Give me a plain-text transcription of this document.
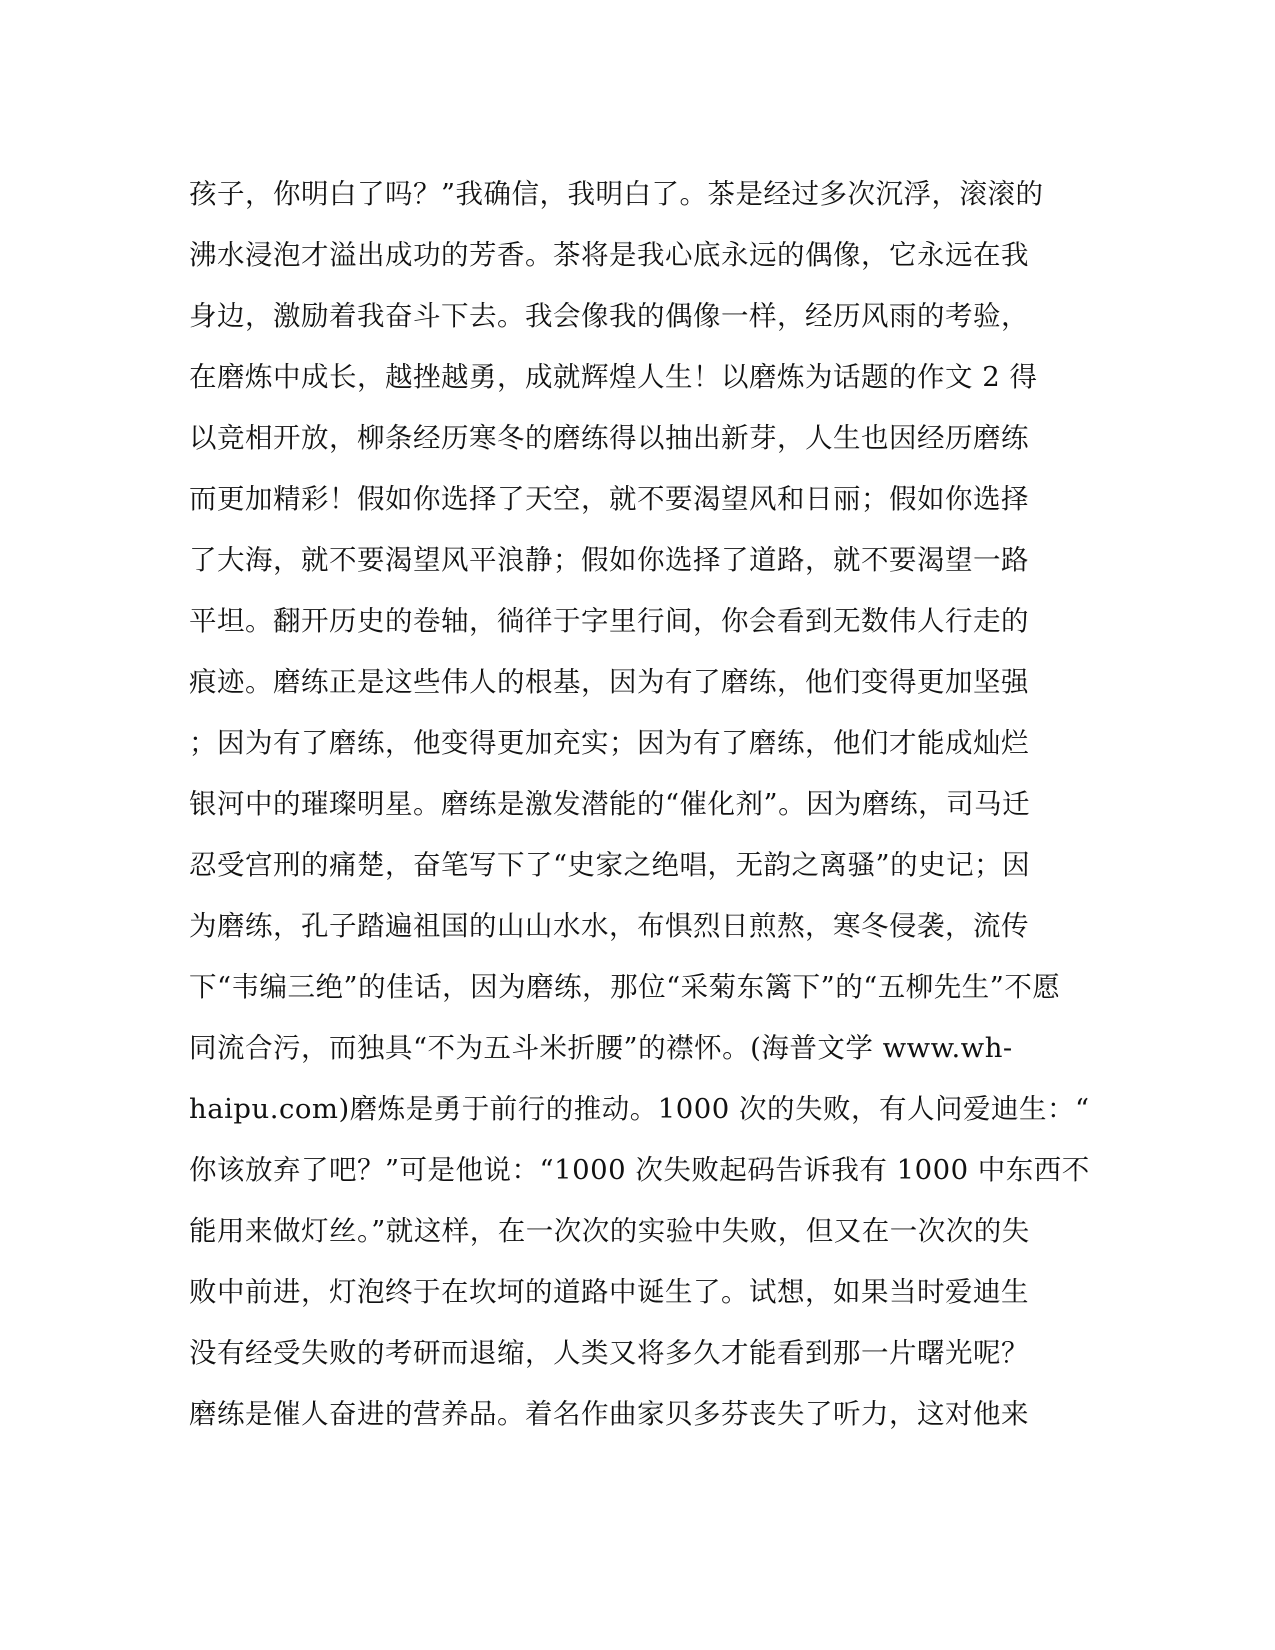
孩子，你明白了吗？”我确信，我明白了。茶是经过多次沉浮，滚滚的
沸水浸泡才溢出成功的芳香。茶将是我心底永远的偶像，它永远在我
身边，激励着我奋斗下去。我会像我的偶像一样，经历风雨的考验，
在磨炼中成长，越挫越勇，成就辉煌人生！以磨炼为话题的作文 2 得
以竞相开放，柳条经历寒冬的磨练得以抽出新芽，人生也因经历磨练
而更加精彩！假如你选择了天空，就不要渴望风和日丽；假如你选择
了大海，就不要渴望风平浪静；假如你选择了道路，就不要渴望一路
平坦。翻开历史的卷轴，徜徉于字里行间，你会看到无数伟人行走的
痕迹。磨练正是这些伟人的根基，因为有了磨练，他们变得更加坚强
；因为有了磨练，他变得更加充实；因为有了磨练，他们才能成灿烂
银河中的璀璨明星。磨练是激发潜能的“催化剂”。因为磨练，司马迁
忍受宫刑的痛楚，奋笔写下了“史家之绝唱，无韵之离骚”的史记；因
为磨练，孔子踏遍祖国的山山水水，布惧烈日煎熬，寒冬侵袭，流传
下“韦编三绝”的佳话，因为磨练，那位“采菊东篱下”的“五柳先生”不愿
同流合污，而独具“不为五斗米折腰”的襟怀。(海普文学 www.wh-
haipu.com)磨炼是勇于前行的推动。1000 次的失败，有人问爱迪生：“
你该放弃了吧？”可是他说：“1000 次失败起码告诉我有 1000 中东西不
能用来做灯丝。”就这样，在一次次的实验中失败，但又在一次次的失
败中前进，灯泡终于在坎坷的道路中诞生了。试想，如果当时爱迪生
没有经受失败的考研而退缩，人类又将多久才能看到那一片曙光呢？
磨练是催人奋进的营养品。着名作曲家贝多芬丧失了听力，这对他来
